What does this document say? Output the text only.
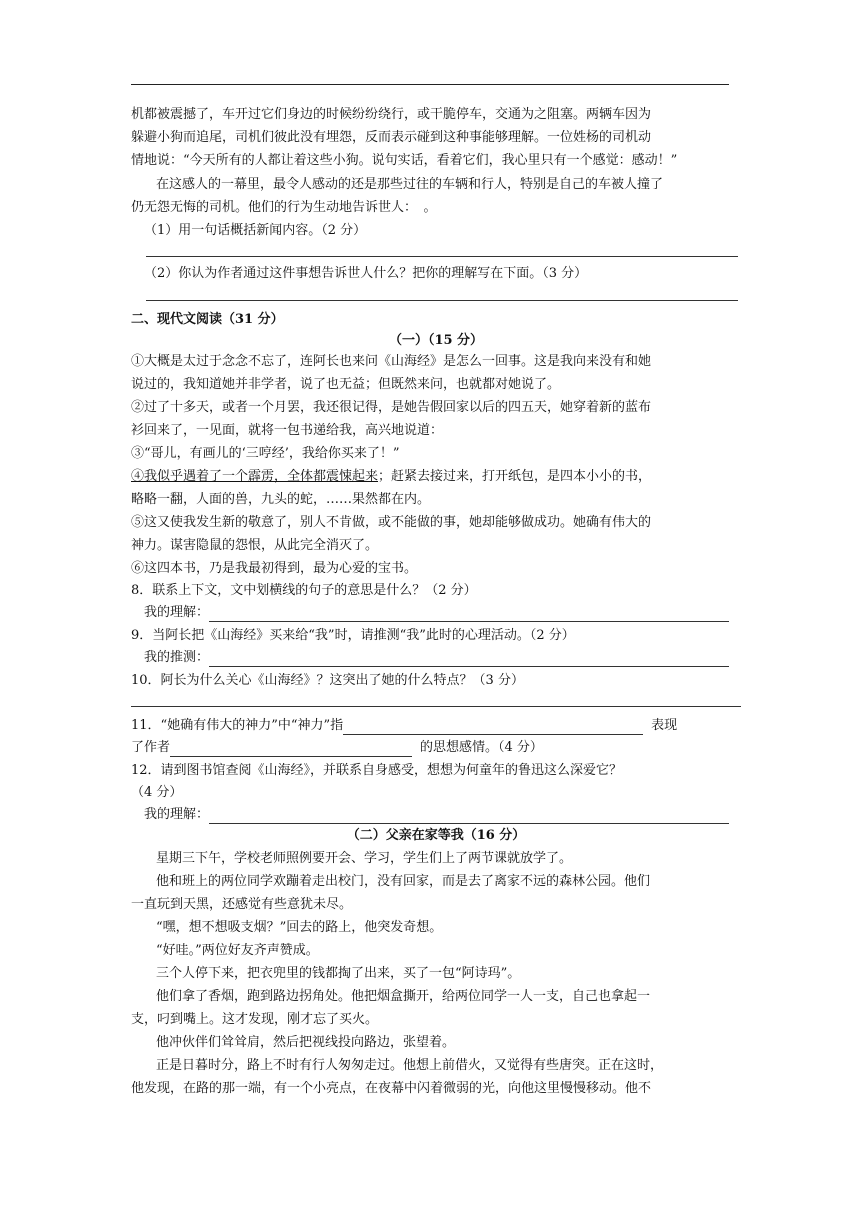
机都被震撼了，车开过它们身边的时候纷纷绕行，或干脆停车，交通为之阻塞。两辆车因为
躲避小狗而追尾，司机们彼此没有埋怨，反而表示碰到这种事能够理解。一位姓杨的司机动
情地说：“今天所有的人都让着这些小狗。说句实话，看着它们，我心里只有一个感觉：感动！”
在这感人的一幕里，最令人感动的还是那些过往的车辆和行人，特别是自己的车被人撞了
仍无怨无悔的司机。他们的行为生动地告诉世人：　。
（1）用一句话概括新闻内容。（2 分）
（2）你认为作者通过这件事想告诉世人什么？把你的理解写在下面。（3 分）
二、现代文阅读（31 分）
（一）（15 分）
①大概是太过于念念不忘了，连阿长也来问《山海经》是怎么一回事。这是我向来没有和她
说过的，我知道她并非学者，说了也无益；但既然来问，也就都对她说了。
②过了十多天，或者一个月罢，我还很记得，是她告假回家以后的四五天，她穿着新的蓝布
衫回来了，一见面，就将一包书递给我，高兴地说道：
③“哥儿，有画儿的‘三哼经’，我给你买来了！”
④我似乎遇着了一个霹雳，全体都震悚起来；赶紧去接过来，打开纸包，是四本小小的书，
略略一翻，人面的兽，九头的蛇，……果然都在内。
⑤这又使我发生新的敬意了，别人不肯做，或不能做的事，她却能够做成功。她确有伟大的
神力。谋害隐鼠的怨恨，从此完全消灭了。
⑥这四本书，乃是我最初得到，最为心爱的宝书。
8．联系上下文，文中划横线的句子的意思是什么？（2 分）
我的理解：
9．当阿长把《山海经》买来给“我”时，请推测“我”此时的心理活动。（2 分）
我的推测：
10．阿长为什么关心《山海经》？这突出了她的什么特点？（3 分）
11．“她确有伟大的神力”中“神力”指	表现
了作者	的思想感情。（4 分）
12．请到图书馆查阅《山海经》，并联系自身感受，想想为何童年的鲁迅这么深爱它？
（4 分）
我的理解：
（二）父亲在家等我（16 分）
星期三下午，学校老师照例要开会、学习，学生们上了两节课就放学了。
他和班上的两位同学欢蹦着走出校门，没有回家，而是去了离家不远的森林公园。他们
一直玩到天黑，还感觉有些意犹未尽。
“嘿，想不想吸支烟？”回去的路上，他突发奇想。
“好哇。”两位好友齐声赞成。
三个人停下来，把衣兜里的钱都掏了出来，买了一包“阿诗玛”。
他们拿了香烟，跑到路边拐角处。他把烟盒撕开，给两位同学一人一支，自己也拿起一
支，叼到嘴上。这才发现，刚才忘了买火。
他冲伙伴们耸耸肩，然后把视线投向路边，张望着。
正是日暮时分，路上不时有行人匆匆走过。他想上前借火，又觉得有些唐突。正在这时，
他发现，在路的那一端，有一个小亮点，在夜幕中闪着微弱的光，向他这里慢慢移动。他不
